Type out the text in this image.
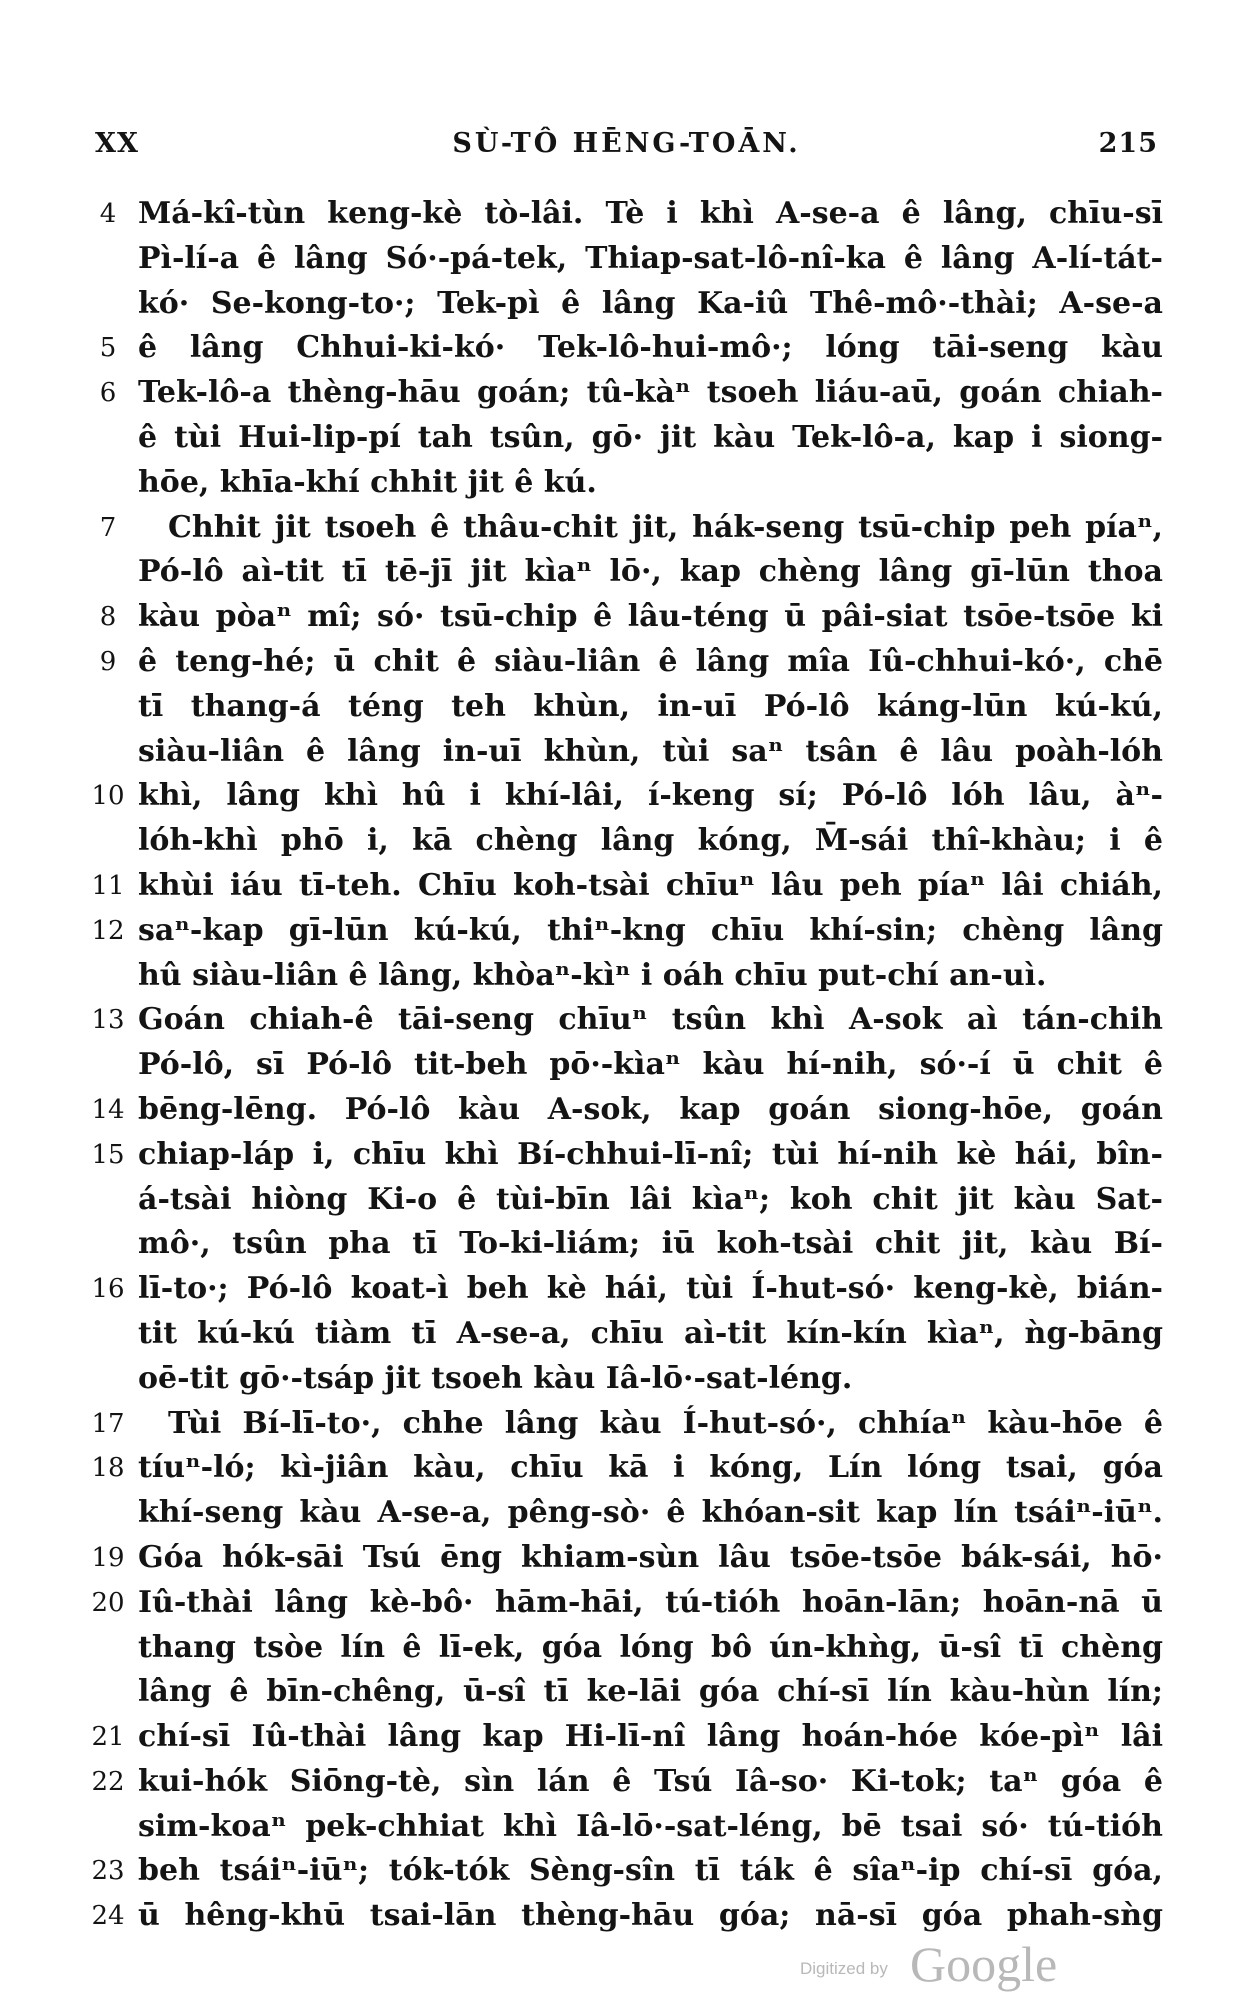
XX	SÙ-TÔ HĒNG-TOĀN.	215
4 Má-kî-tùn keng-kè tò-lâi. Tè i khì A-se-a ê lâng, chīu-sī
Pì-lí-a ê lâng Só·-pá-tek, Thiap-sat-lô-nî-ka ê lâng A-lí-tát-
kó· Se-kong-to·; Tek-pì ê lâng Ka-iû Thê-mô·-thài; A-se-a
5 ê lâng Chhui-ki-kó· Tek-lô-hui-mô·; lóng tāi-seng kàu
6 Tek-lô-a thèng-hāu goán; tû-kàⁿ tsoeh liáu-aū, goán chiah-
ê tùi Hui-lip-pí tah tsûn, gō· jit kàu Tek-lô-a, kap i siong-
hōe, khīa-khí chhit jit ê kú.
7	Chhit jit tsoeh ê thâu-chit jit, hák-seng tsū-chip peh píaⁿ,
Pó-lô aì-tit tī tē-jī jit kìaⁿ lō·, kap chèng lâng gī-lūn thoa
8 kàu pòaⁿ mî; só· tsū-chip ê lâu-téng ū pâi-siat tsōe-tsōe ki
9 ê teng-hé; ū chit ê siàu-liân ê lâng mîa Iû-chhui-kó·, chē
tī thang-á téng teh khùn, in-uī Pó-lô káng-lūn kú-kú,
siàu-liân ê lâng in-uī khùn, tùi saⁿ tsân ê lâu poàh-lóh
10 khì, lâng khì hû i khí-lâi, í-keng sí; Pó-lô lóh lâu, àⁿ-
lóh-khì phō i, kā chèng lâng kóng, M̄-sái thî-khàu; i ê
11 khùi iáu tī-teh. Chīu koh-tsài chīuⁿ lâu peh píaⁿ lâi chiáh,
12 saⁿ-kap gī-lūn kú-kú, thiⁿ-kng chīu khí-sin; chèng lâng
hû siàu-liân ê lâng, khòaⁿ-kìⁿ i oáh chīu put-chí an-uì.
13 Goán chiah-ê tāi-seng chīuⁿ tsûn khì A-sok aì tán-chih
Pó-lô, sī Pó-lô tit-beh pō·-kìaⁿ kàu hí-nih, só·-í ū chit ê
14 bēng-lēng. Pó-lô kàu A-sok, kap goán siong-hōe, goán
15 chiap-láp i, chīu khì Bí-chhui-lī-nî; tùi hí-nih kè hái, bîn-
á-tsài hiòng Ki-o ê tùi-bīn lâi kìaⁿ; koh chit jit kàu Sat-
mô·, tsûn pha tī To-ki-liám; iū koh-tsài chit jit, kàu Bí-
16 lī-to·; Pó-lô koat-ì beh kè hái, tùi Í-hut-só· keng-kè, bián-
tit kú-kú tiàm tī A-se-a, chīu aì-tit kín-kín kìaⁿ, ǹg-bāng
oē-tit gō·-tsáp jit tsoeh kàu Iâ-lō·-sat-léng.
17 Tùi Bí-lī-to·, chhe lâng kàu Í-hut-só·, chhíaⁿ kàu-hōe ê
18 tíuⁿ-ló; kì-jiân kàu, chīu kā i kóng, Lín lóng tsai, góa
khí-seng kàu A-se-a, pêng-sò· ê khóan-sit kap lín tsáiⁿ-iūⁿ.
19 Góa hók-sāi Tsú ēng khiam-sùn lâu tsōe-tsōe bák-sái, hō·
20 Iû-thài lâng kè-bô· hām-hāi, tú-tióh hoān-lān; hoān-nā ū
thang tsòe lín ê lī-ek, góa lóng bô ún-khǹg, ū-sî tī chèng
lâng ê bīn-chêng, ū-sî tī ke-lāi góa chí-sī lín kàu-hùn lín;
21 chí-sī Iû-thài lâng kap Hi-lī-nî lâng hoán-hóe kóe-pìⁿ lâi
22 kui-hók Siōng-tè, sìn lán ê Tsú Iâ-so· Ki-tok; taⁿ góa ê
sim-koaⁿ pek-chhiat khì Iâ-lō·-sat-léng, bē tsai só· tú-tióh
23 beh tsáiⁿ-iūⁿ; tók-tók Sèng-sîn tī ták ê sîaⁿ-ip chí-sī góa,
24 ū hêng-khū tsai-lān thèng-hāu góa; nā-sī góa phah-sǹg
Digitized by Google
